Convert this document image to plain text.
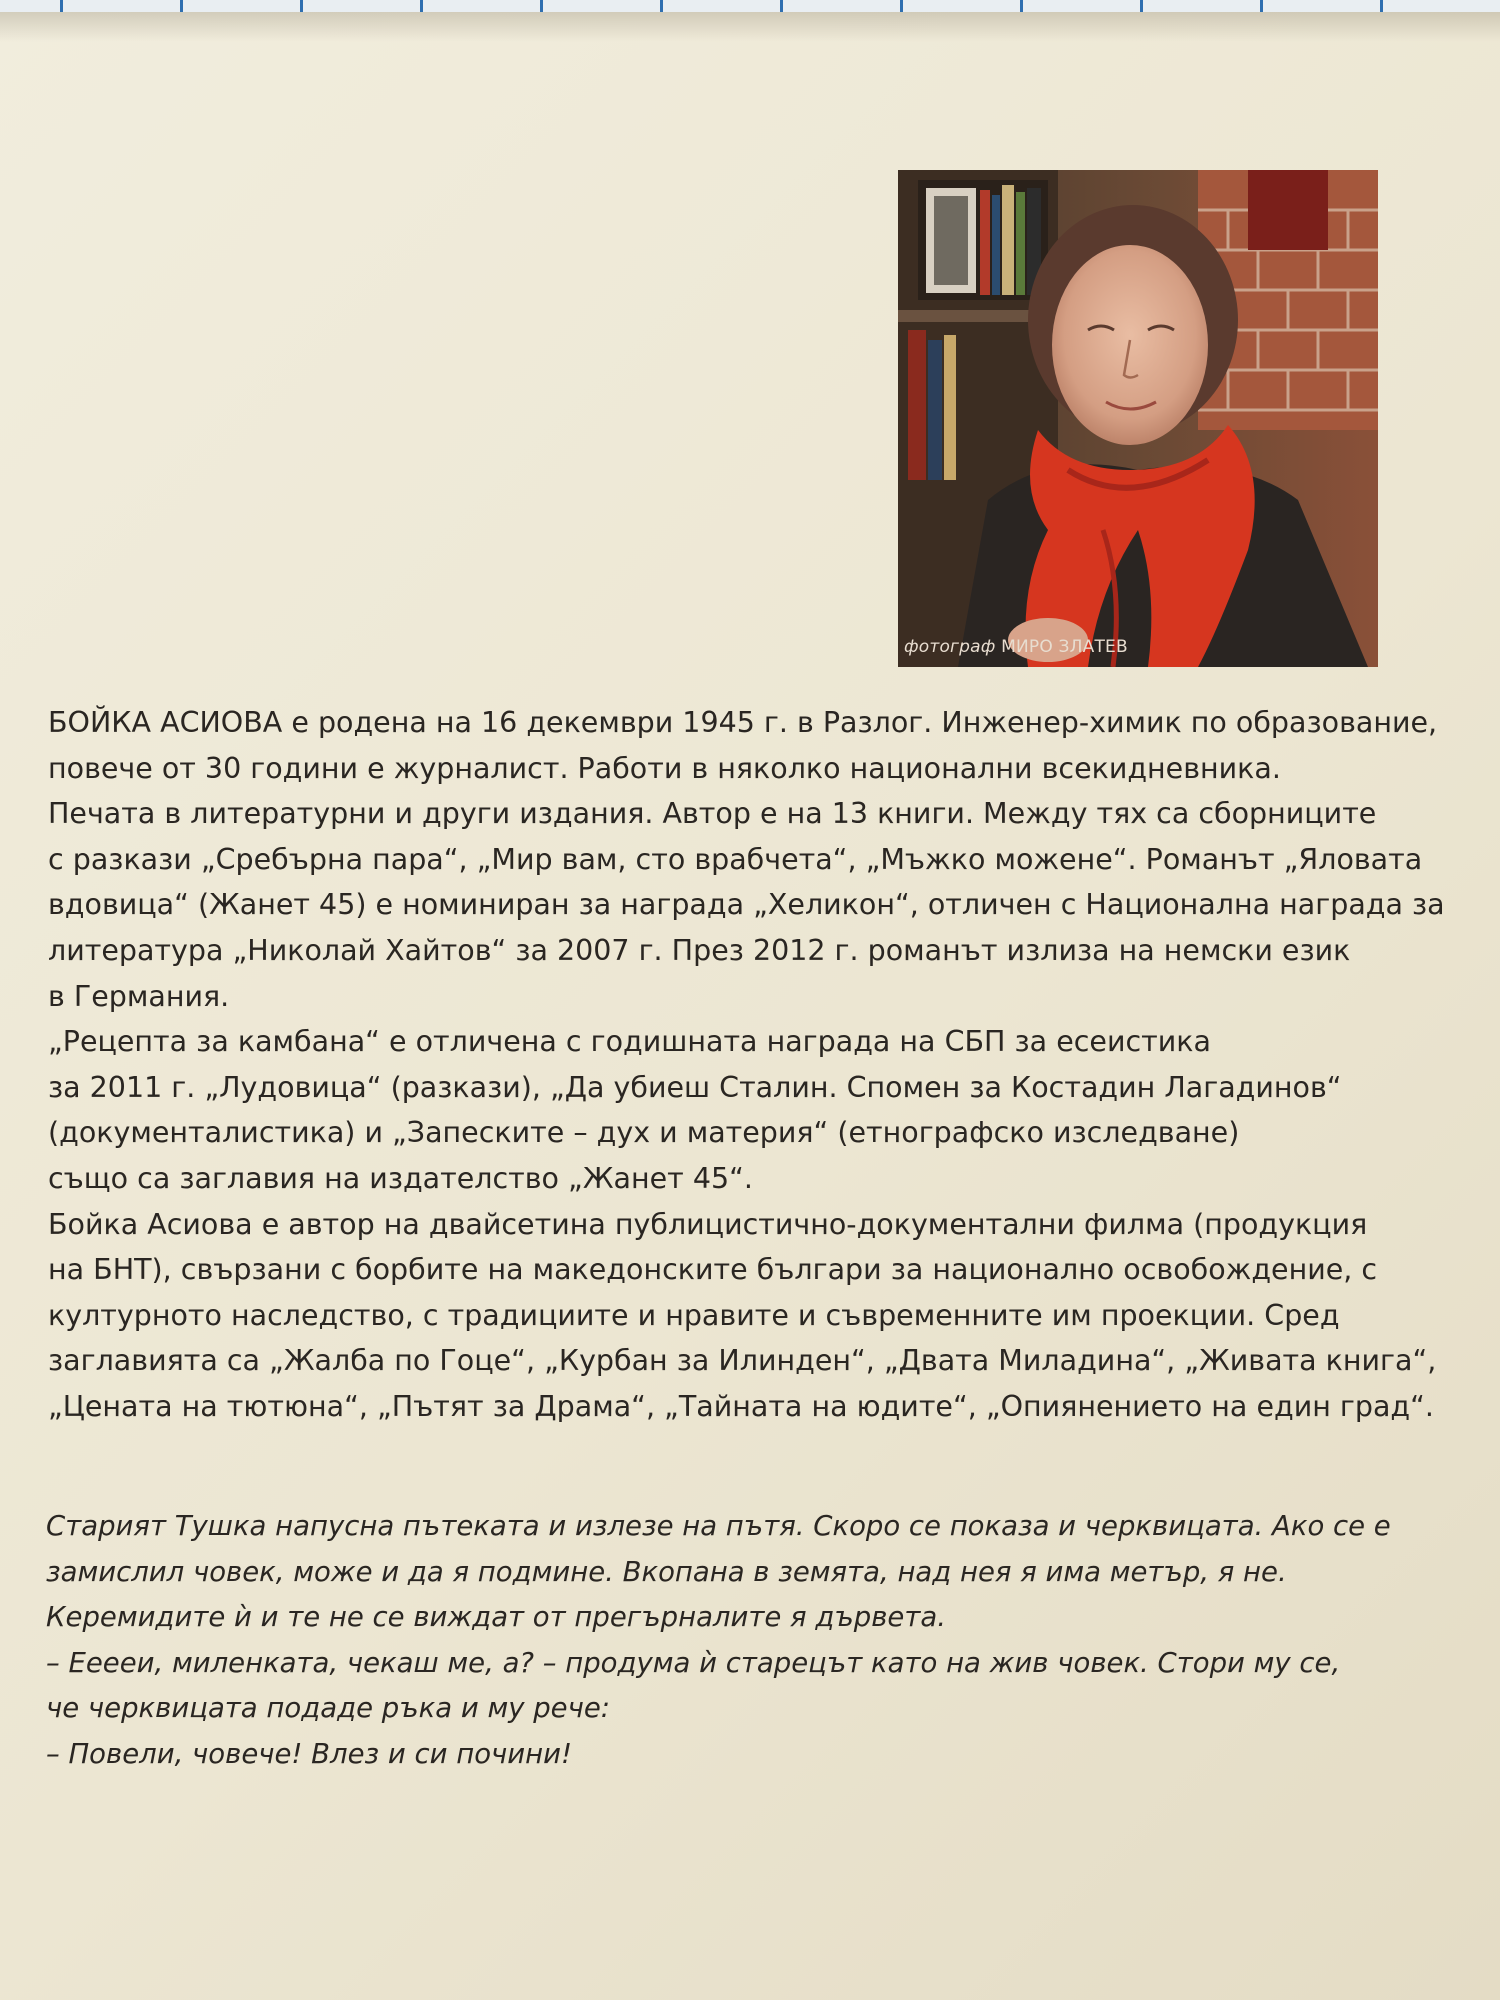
фотограф МИРО ЗЛАТЕВ
БОЙКА АСИОВА е родена на 16 декември 1945 г. в Разлог. Инженер-химик по образование,
повече от 30 години е журналист. Работи в няколко национални всекидневника.
Печата в литературни и други издания. Автор е на 13 книги. Между тях са сборниците
с разкази „Сребърна пара“, „Мир вам, сто врабчета“, „Мъжко можене“. Романът „Яловата
вдовица“ (Жанет 45) е номиниран за награда „Хеликон“, отличен с Национална награда за
литература „Николай Хайтов“ за 2007 г. През 2012 г. романът излиза на немски език
в Германия.
„Рецепта за камбана“ е отличена с годишната награда на СБП за есеистика
за 2011 г. „Лудовица“ (разкази), „Да убиеш Сталин. Спомен за Костадин Лагадинов“
(документалистика) и „Запеските – дух и материя“ (етнографско изследване)
също са заглавия на издателство „Жанет 45“.
Бойка Асиова е автор на двайсетина публицистично-документални филма (продукция
на БНТ), свързани с борбите на македонските българи за национално освобождение, с
културното наследство, с традициите и нравите и съвременните им проекции. Сред
заглавията са „Жалба по Гоце“, „Курбан за Илинден“, „Двата Миладина“, „Живата книга“,
„Цената на тютюна“, „Пътят за Драма“, „Тайната на юдите“, „Опиянението на един град“.
Старият Тушка напусна пътеката и излезе на пътя. Скоро се показа и черквицата. Ако се е
замислил човек, може и да я подмине. Вкопана в земята, над нея я има метър, я не.
Керемидите ѝ и те не се виждат от прегърналите я дървета.
– Ееееи, миленката, чекаш ме, а? – продума ѝ старецът като на жив човек. Стори му се,
че черквицата подаде ръка и му рече:
– Повели, човече! Влез и си почини!
